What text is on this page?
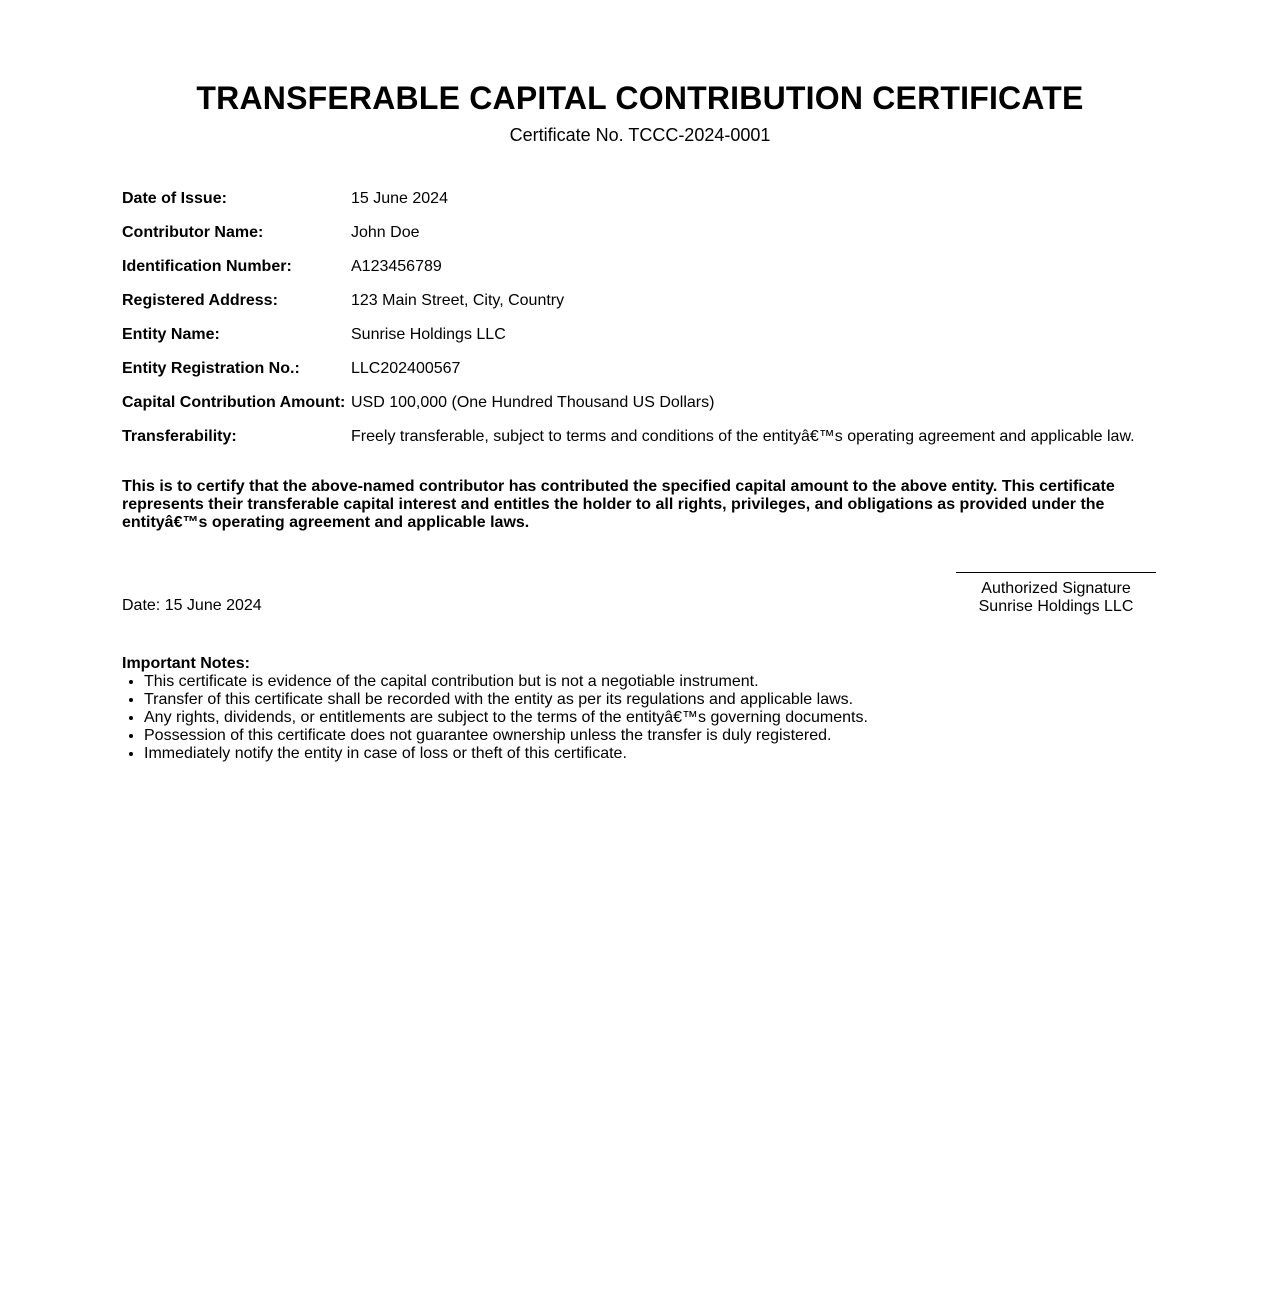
TRANSFERABLE CAPITAL CONTRIBUTION CERTIFICATE
Certificate No. TCCC-2024-0001
Date of Issue:	15 June 2024
Contributor Name:	John Doe
Identification Number:	A123456789
Registered Address:	123 Main Street, City, Country
Entity Name:	Sunrise Holdings LLC
Entity Registration No.:	LLC202400567
Capital Contribution Amount:	USD 100,000 (One Hundred Thousand US Dollars)
Transferability:	Freely transferable, subject to terms and conditions of the entityâ€™s operating agreement and applicable law.

This is to certify that the above-named contributor has contributed the specified capital amount to the above entity. This certificate represents their transferable capital interest and entitles the holder to all rights, privileges, and obligations as provided under the entityâ€™s operating agreement and applicable laws.

Date: 15 June 2024
Authorized Signature
Sunrise Holdings LLC
Important Notes:
• This certificate is evidence of the capital contribution but is not a negotiable instrument.
• Transfer of this certificate shall be recorded with the entity as per its regulations and applicable laws.
• Any rights, dividends, or entitlements are subject to the terms of the entityâ€™s governing documents.
• Possession of this certificate does not guarantee ownership unless the transfer is duly registered.
• Immediately notify the entity in case of loss or theft of this certificate.
